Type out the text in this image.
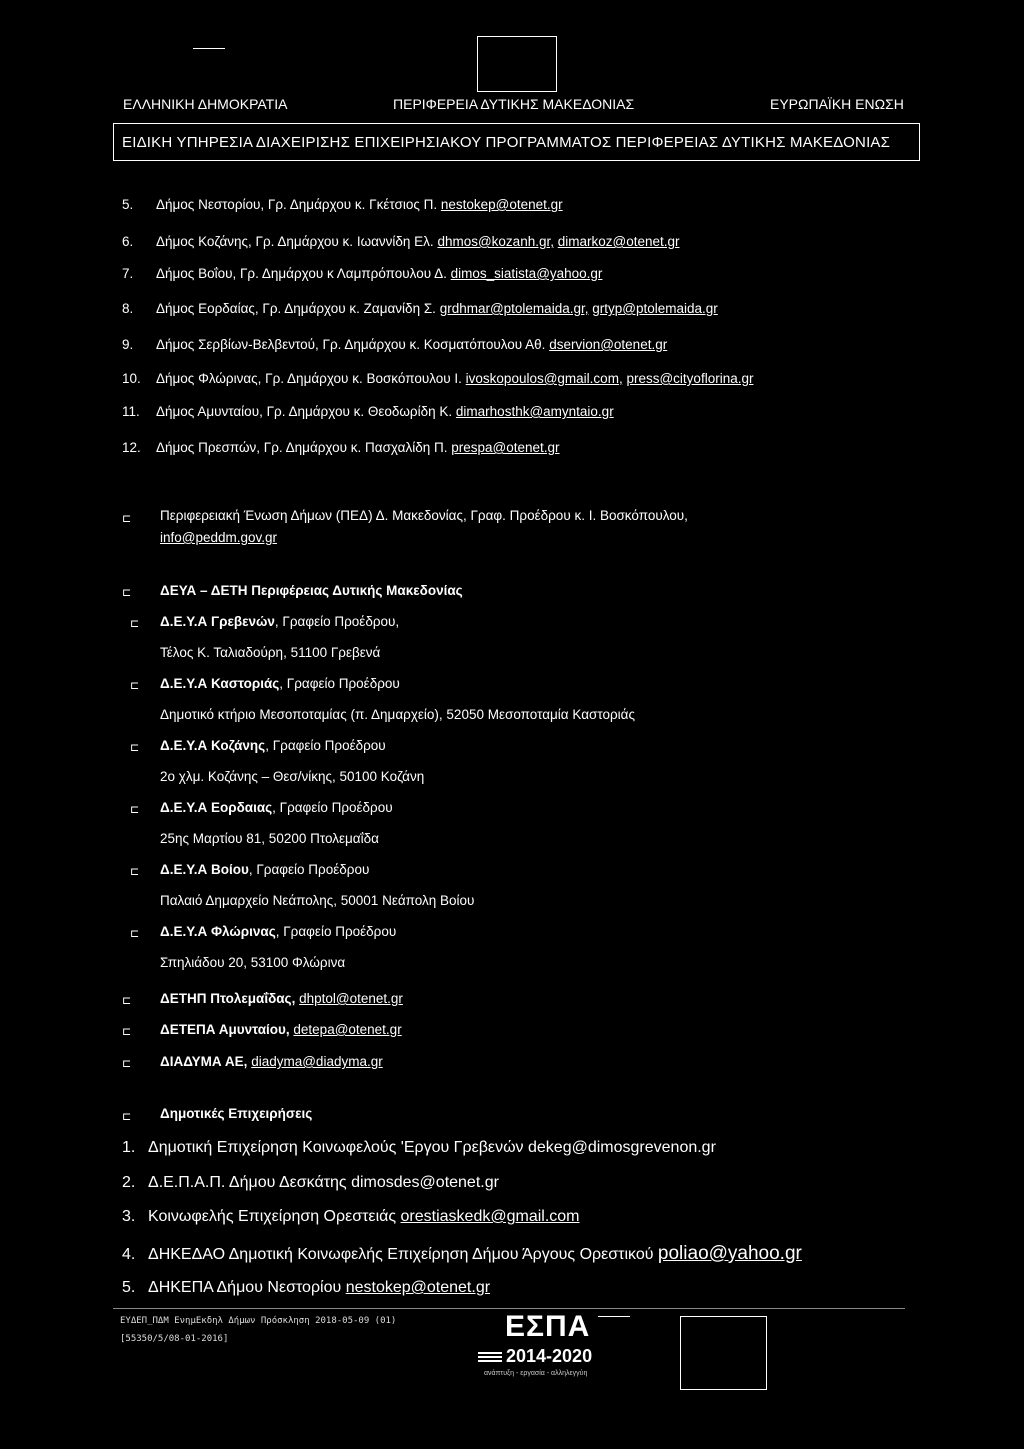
ΕΛΛΗΝΙΚΗ ΔΗΜΟΚΡΑΤΙΑ	ΠΕΡΙΦΕΡΕΙΑ ΔΥΤΙΚΗΣ ΜΑΚΕΔΟΝΙΑΣ	ΕΥΡΩΠΑΪΚΗ ΕΝΩΣΗ
ΕΙΔΙΚΗ ΥΠΗΡΕΣΙΑ ΔΙΑΧΕΙΡΙΣΗΣ ΕΠΙΧΕΙΡΗΣΙΑΚΟΥ ΠΡΟΓΡΑΜΜΑΤΟΣ ΠΕΡΙΦΕΡΕΙΑΣ ΔΥΤΙΚΗΣ ΜΑΚΕΔΟΝΙΑΣ
5. Δήμος Νεστορίου, Γρ. Δημάρχου κ. Γκέτσιος Π. nestokep@otenet.gr
6. Δήμος Κοζάνης, Γρ. Δημάρχου κ. Ιωαννίδη Ελ. dhmos@kozanh.gr, dimarkoz@otenet.gr
7. Δήμος Βοΐου, Γρ. Δημάρχου κ Λαμπρόπουλου Δ. dimos_siatista@yahoo.gr
8. Δήμος Εορδαίας, Γρ. Δημάρχου κ. Ζαμανίδη Σ. grdhmar@ptolemaida.gr, grtyp@ptolemaida.gr
9. Δήμος Σερβίων-Βελβεντού, Γρ. Δημάρχου κ. Κοσματόπουλου Αθ. dservion@otenet.gr
10. Δήμος Φλώρινας, Γρ. Δημάρχου κ. Βοσκόπουλου Ι. ivoskopoulos@gmail.com, press@cityoflorina.gr
11. Δήμος Αμυνταίου, Γρ. Δημάρχου κ. Θεοδωρίδη Κ. dimarhosthk@amyntaio.gr
12. Δήμος Πρεσπών, Γρ. Δημάρχου κ. Πασχαλίδη Π. prespa@otenet.gr
⊏ Περιφερειακή Ένωση Δήμων (ΠΕΔ) Δ. Μακεδονίας, Γραφ. Προέδρου κ. Ι. Βοσκόπουλου,
info@peddm.gov.gr
⊏ ΔΕΥΑ – ΔΕΤΗ Περιφέρειας Δυτικής Μακεδονίας
⊏ Δ.Ε.Υ.Α Γρεβενών, Γραφείο Προέδρου,
Τέλος Κ. Ταλιαδούρη, 51100 Γρεβενά
⊏ Δ.Ε.Υ.Α Καστοριάς, Γραφείο Προέδρου
Δημοτικό κτήριο Μεσοποταμίας (π. Δημαρχείο), 52050 Μεσοποταμία Καστοριάς
⊏ Δ.Ε.Υ.Α Κοζάνης, Γραφείο Προέδρου
2ο χλμ. Κοζάνης – Θεσ/νίκης, 50100 Κοζάνη
⊏ Δ.Ε.Υ.Α Εορδαιας, Γραφείο Προέδρου
25ης Μαρτίου 81, 50200 Πτολεμαΐδα
⊏ Δ.Ε.Υ.Α Βοίου, Γραφείο Προέδρου
Παλαιό Δημαρχείο Νεάπολης, 50001 Νεάπολη Βοίου
⊏ Δ.Ε.Υ.Α Φλώρινας, Γραφείο Προέδρου
Σπηλιάδου 20, 53100 Φλώρινα
⊏ ΔΕΤΗΠ Πτολεμαΐδας, dhptol@otenet.gr
⊏ ΔΕΤΕΠΑ Αμυνταίου, detepa@otenet.gr
⊏ ΔΙΑΔΥΜΑ ΑΕ, diadyma@diadyma.gr
⊏ Δημοτικές Επιχειρήσεις
1. Δημοτική Επιχείρηση Κοινωφελούς 'Εργου Γρεβενών dekeg@dimosgrevenon.gr
2. Δ.Ε.Π.Α.Π. Δήμου Δεσκάτης dimosdes@otenet.gr
3. Κοινωφελής Επιχείρηση Ορεστειάς orestiaskedk@gmail.com
4. ΔΗΚΕΔΑΟ Δημοτική Κοινωφελής Επιχείρηση Δήμου Άργους Ορεστικού poliao@yahoo.gr
5. ΔΗΚΕΠΑ Δήμου Νεστορίου nestokep@otenet.gr
ΕΥΔΕΠ_ΠΔΜ ΕνημΕκδηλ Δήμων Πρόσκληση 2018-05-09 (01)
[55350/5/08-01-2016]	ΕΣΠΑ
2014-2020
ανάπτυξη - εργασία - αλληλεγγύη
